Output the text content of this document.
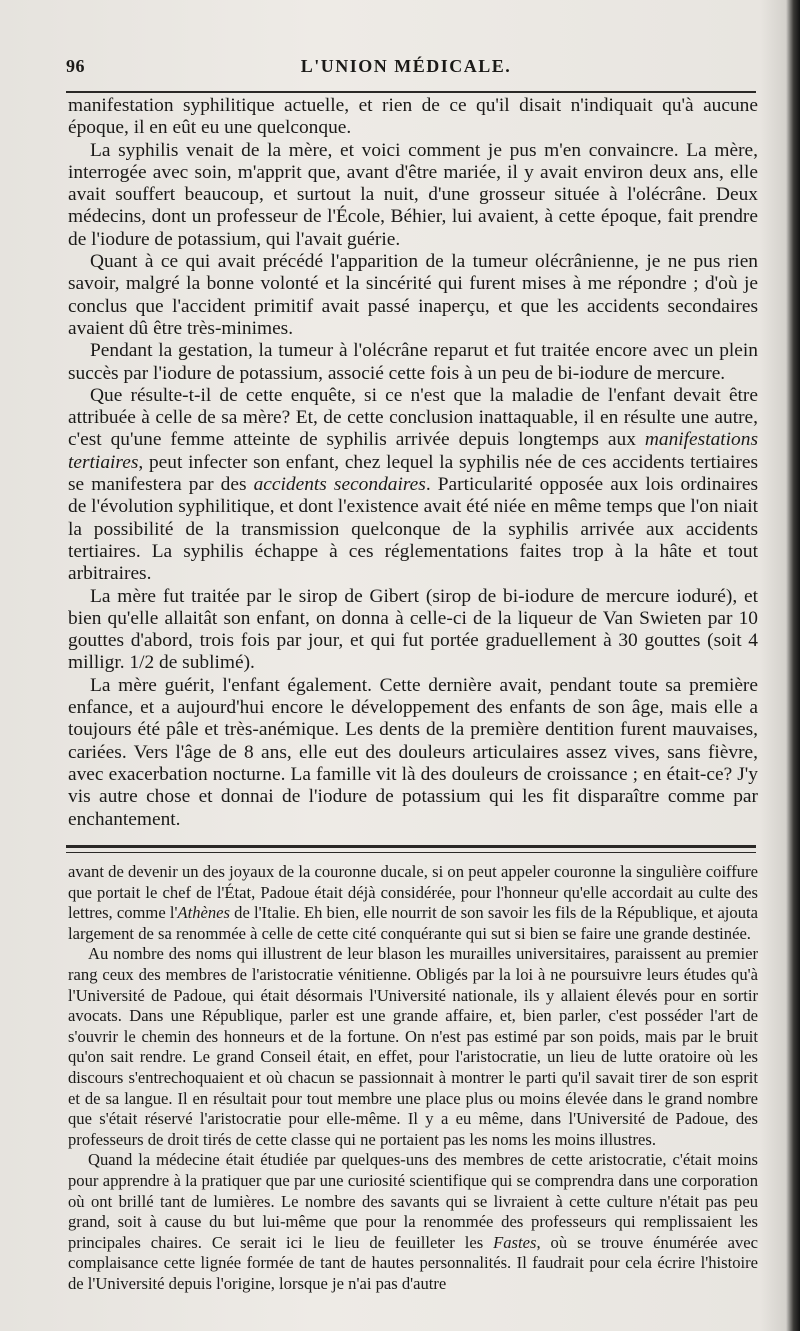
96	L'UNION MÉDICALE.

manifestation syphilitique actuelle, et rien de ce qu'il disait n'indiquait qu'à aucune époque, il en eût eu une quelconque.

La syphilis venait de la mère, et voici comment je pus m'en convaincre. La mère, interrogée avec soin, m'apprit que, avant d'être mariée, il y avait environ deux ans, elle avait souffert beaucoup, et surtout la nuit, d'une grosseur située à l'olécrâne. Deux médecins, dont un professeur de l'École, Béhier, lui avaient, à cette époque, fait prendre de l'iodure de potassium, qui l'avait guérie.

Quant à ce qui avait précédé l'apparition de la tumeur olécrânienne, je ne pus rien savoir, malgré la bonne volonté et la sincérité qui furent mises à me répondre ; d'où je conclus que l'accident primitif avait passé inaperçu, et que les accidents secondaires avaient dû être très-minimes.

Pendant la gestation, la tumeur à l'olécrâne reparut et fut traitée encore avec un plein succès par l'iodure de potassium, associé cette fois à un peu de bi-iodure de mercure.

Que résulte-t-il de cette enquête, si ce n'est que la maladie de l'enfant devait être attribuée à celle de sa mère? Et, de cette conclusion inattaquable, il en résulte une autre, c'est qu'une femme atteinte de syphilis arrivée depuis longtemps aux manifestations tertiaires, peut infecter son enfant, chez lequel la syphilis née de ces accidents tertiaires se manifestera par des accidents secondaires. Particularité opposée aux lois ordinaires de l'évolution syphilitique, et dont l'existence avait été niée en même temps que l'on niait la possibilité de la transmission quelconque de la syphilis arrivée aux accidents tertiaires. La syphilis échappe à ces réglementations faites trop à la hâte et tout arbitraires.

La mère fut traitée par le sirop de Gibert (sirop de bi-iodure de mercure ioduré), et bien qu'elle allaitât son enfant, on donna à celle-ci de la liqueur de Van Swieten par 10 gouttes d'abord, trois fois par jour, et qui fut portée graduellement à 30 gouttes (soit 4 milligr. 1/2 de sublimé).

La mère guérit, l'enfant également. Cette dernière avait, pendant toute sa première enfance, et a aujourd'hui encore le développement des enfants de son âge, mais elle a toujours été pâle et très-anémique. Les dents de la première dentition furent mauvaises, cariées. Vers l'âge de 8 ans, elle eut des douleurs articulaires assez vives, sans fièvre, avec exacerbation nocturne. La famille vit là des douleurs de croissance ; en était-ce? J'y vis autre chose et donnai de l'iodure de potassium qui les fit disparaître comme par enchantement.

avant de devenir un des joyaux de la couronne ducale, si on peut appeler couronne la singulière coiffure que portait le chef de l'État, Padoue était déjà considérée, pour l'honneur qu'elle accordait au culte des lettres, comme l'Athènes de l'Italie. Eh bien, elle nourrit de son savoir les fils de la République, et ajouta largement de sa renommée à celle de cette cité conquérante qui sut si bien se faire une grande destinée.

Au nombre des noms qui illustrent de leur blason les murailles universitaires, paraissent au premier rang ceux des membres de l'aristocratie vénitienne. Obligés par la loi à ne poursuivre leurs études qu'à l'Université de Padoue, qui était désormais l'Université nationale, ils y allaient élevés pour en sortir avocats. Dans une République, parler est une grande affaire, et, bien parler, c'est posséder l'art de s'ouvrir le chemin des honneurs et de la fortune. On n'est pas estimé par son poids, mais par le bruit qu'on sait rendre. Le grand Conseil était, en effet, pour l'aristocratie, un lieu de lutte oratoire où les discours s'entrechoquaient et où chacun se passionnait à montrer le parti qu'il savait tirer de son esprit et de sa langue. Il en résultait pour tout membre une place plus ou moins élevée dans le grand nombre que s'était réservé l'aristocratie pour elle-même. Il y a eu même, dans l'Université de Padoue, des professeurs de droit tirés de cette classe qui ne portaient pas les noms les moins illustres.

Quand la médecine était étudiée par quelques-uns des membres de cette aristocratie, c'était moins pour apprendre à la pratiquer que par une curiosité scientifique qui se comprendra dans une corporation où ont brillé tant de lumières. Le nombre des savants qui se livraient à cette culture n'était pas peu grand, soit à cause du but lui-même que pour la renommée des professeurs qui remplissaient les principales chaires. Ce serait ici le lieu de feuilleter les Fastes, où se trouve énumérée avec complaisance cette lignée formée de tant de hautes personnalités. Il faudrait pour cela écrire l'histoire de l'Université depuis l'origine, lorsque je n'ai pas d'autre
